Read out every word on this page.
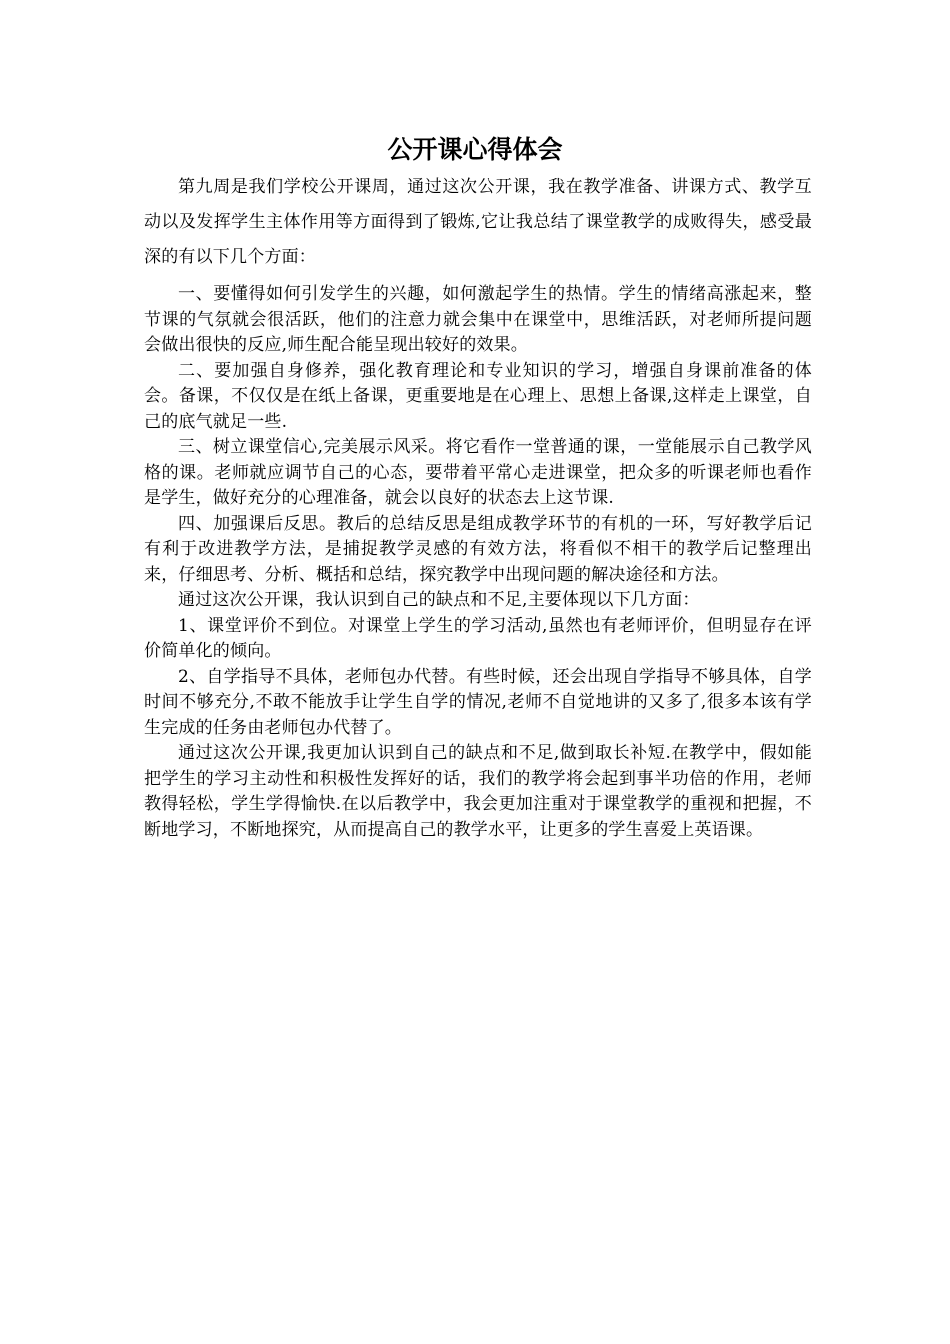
公开课心得体会

第九周是我们学校公开课周，通过这次公开课，我在教学准备、讲课方式、教学互动以及发挥学生主体作用等方面得到了锻炼,它让我总结了课堂教学的成败得失，感受最深的有以下几个方面：

一、要懂得如何引发学生的兴趣，如何激起学生的热情。学生的情绪高涨起来，整节课的气氛就会很活跃，他们的注意力就会集中在课堂中，思维活跃，对老师所提问题会做出很快的反应,师生配合能呈现出较好的效果。

二、要加强自身修养，强化教育理论和专业知识的学习，增强自身课前准备的体会。备课，不仅仅是在纸上备课，更重要地是在心理上、思想上备课,这样走上课堂，自己的底气就足一些.

三、树立课堂信心,完美展示风采。将它看作一堂普通的课，一堂能展示自己教学风格的课。老师就应调节自己的心态，要带着平常心走进课堂，把众多的听课老师也看作是学生，做好充分的心理准备，就会以良好的状态去上这节课.

四、加强课后反思。教后的总结反思是组成教学环节的有机的一环，写好教学后记有利于改进教学方法，是捕捉教学灵感的有效方法，将看似不相干的教学后记整理出来，仔细思考、分析、概括和总结，探究教学中出现问题的解决途径和方法。

通过这次公开课，我认识到自己的缺点和不足,主要体现以下几方面：

1、课堂评价不到位。对课堂上学生的学习活动,虽然也有老师评价，但明显存在评价简单化的倾向。

2、自学指导不具体，老师包办代替。有些时候，还会出现自学指导不够具体，自学时间不够充分,不敢不能放手让学生自学的情况,老师不自觉地讲的又多了,很多本该有学生完成的任务由老师包办代替了。

通过这次公开课,我更加认识到自己的缺点和不足,做到取长补短.在教学中，假如能把学生的学习主动性和积极性发挥好的话，我们的教学将会起到事半功倍的作用，老师教得轻松，学生学得愉快.在以后教学中，我会更加注重对于课堂教学的重视和把握，不断地学习，不断地探究，从而提高自己的教学水平，让更多的学生喜爱上英语课。
